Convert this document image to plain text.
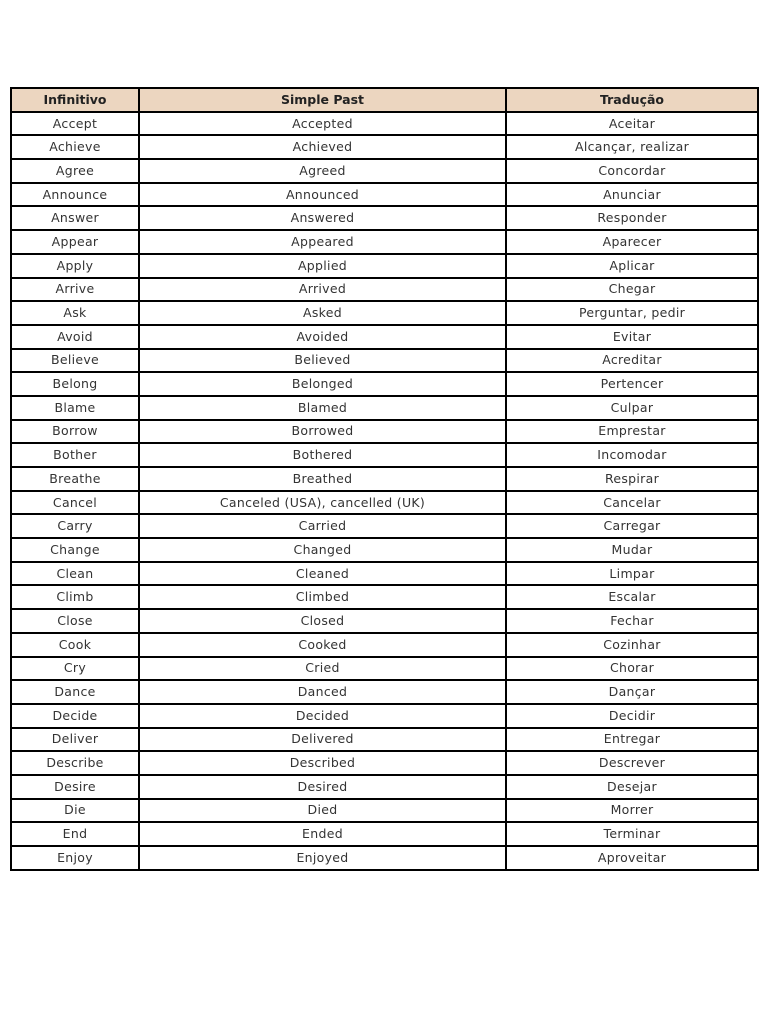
Infinitivo	Simple Past	Tradução
Accept	Accepted	Aceitar
Achieve	Achieved	Alcançar, realizar
Agree	Agreed	Concordar
Announce	Announced	Anunciar
Answer	Answered	Responder
Appear	Appeared	Aparecer
Apply	Applied	Aplicar
Arrive	Arrived	Chegar
Ask	Asked	Perguntar, pedir
Avoid	Avoided	Evitar
Believe	Believed	Acreditar
Belong	Belonged	Pertencer
Blame	Blamed	Culpar
Borrow	Borrowed	Emprestar
Bother	Bothered	Incomodar
Breathe	Breathed	Respirar
Cancel	Canceled (USA), cancelled (UK)	Cancelar
Carry	Carried	Carregar
Change	Changed	Mudar
Clean	Cleaned	Limpar
Climb	Climbed	Escalar
Close	Closed	Fechar
Cook	Cooked	Cozinhar
Cry	Cried	Chorar
Dance	Danced	Dançar
Decide	Decided	Decidir
Deliver	Delivered	Entregar
Describe	Described	Descrever
Desire	Desired	Desejar
Die	Died	Morrer
End	Ended	Terminar
Enjoy	Enjoyed	Aproveitar
